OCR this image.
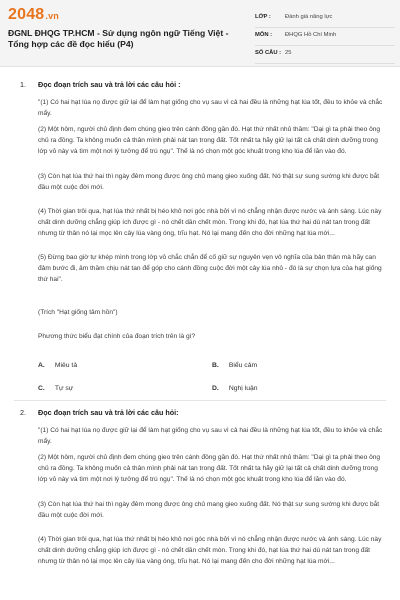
2048.vn
ĐGNL ĐHQG TP.HCM - Sử dụng ngôn ngữ Tiếng Việt - Tổng hợp các đề đọc hiểu (P4)
LỚP : Đánh giá năng lực
MÔN : ĐHQG Hồ Chí Minh
SỐ CÂU : 25
1. Đọc đoạn trích sau và trả lời các câu hỏi :
"(1) Có hai hạt lúa nọ được giữ lại để làm hạt giống cho vụ sau vì cả hai đều là những hạt lúa tốt, đều to khỏe và chắc mẩy.
(2) Một hôm, người chủ định đem chúng gieo trên cánh đồng gần đó. Hạt thứ nhất nhủ thầm: "Dại gì ta phải theo ông chủ ra đồng. Ta không muốn cả thân mình phải nát tan trong đất. Tốt nhất ta hãy giữ lại tất cả chất dinh dưỡng trong lớp vỏ này và tìm một nơi lý tưởng để trú ngụ". Thế là nó chọn một góc khuất trong kho lúa để lăn vào đó.
(3) Còn hạt lúa thứ hai thì ngày đêm mong được ông chủ mang gieo xuống đất. Nó thật sự sung sướng khi được bắt đầu một cuộc đời mới.
(4) Thời gian trôi qua, hạt lúa thứ nhất bị héo khô nơi góc nhà bởi vì nó chẳng nhận được nước và ánh sáng. Lúc này chất dinh dưỡng chẳng giúp ích được gì - nó chết dần chết mòn. Trong khi đó, hạt lúa thứ hai dù nát tan trong đất nhưng từ thân nó lại mọc lên cây lúa vàng óng, trĩu hạt. Nó lại mang đến cho đời những hạt lúa mới...
(5) Đừng bao giờ tự khép mình trong lớp vỏ chắc chắn để cố giữ sự nguyên vẹn vô nghĩa của bản thân mà hãy can đảm bước đi, âm thầm chịu nát tan để góp cho cánh đồng cuộc đời một cây lúa nhỏ - đó là sự chọn lựa của hạt giống thứ hai".
(Trích "Hạt giống tâm hồn")
Phương thức biểu đạt chính của đoạn trích trên là gì?
A. Miêu tả	B. Biểu cảm
C. Tự sự	D. Nghị luận
2. Đọc đoạn trích sau và trả lời các câu hỏi:
"(1) Có hai hạt lúa nọ được giữ lại để làm hạt giống cho vụ sau vì cả hai đều là những hạt lúa tốt, đều to khỏe và chắc mẩy.
(2) Một hôm, người chủ định đem chúng gieo trên cánh đồng gần đó. Hạt thứ nhất nhủ thầm: "Dại gì ta phải theo ông chủ ra đồng. Ta không muốn cả thân mình phải nát tan trong đất. Tốt nhất ta hãy giữ lại tất cả chất dinh dưỡng trong lớp vỏ này và tìm một nơi lý tưởng để trú ngụ". Thế là nó chọn một góc khuất trong kho lúa để lăn vào đó.
(3) Còn hạt lúa thứ hai thì ngày đêm mong được ông chủ mang gieo xuống đất. Nó thật sự sung sướng khi được bắt đầu một cuộc đời mới.
(4) Thời gian trôi qua, hạt lúa thứ nhất bị héo khô nơi góc nhà bởi vì nó chẳng nhận được nước và ánh sáng. Lúc này chất dinh dưỡng chẳng giúp ích được gì - nó chết dần chết mòn. Trong khi đó, hạt lúa thứ hai dù nát tan trong đất nhưng từ thân nó lại mọc lên cây lúa vàng óng, trĩu hạt. Nó lại mang đến cho đời những hạt lúa mới...
